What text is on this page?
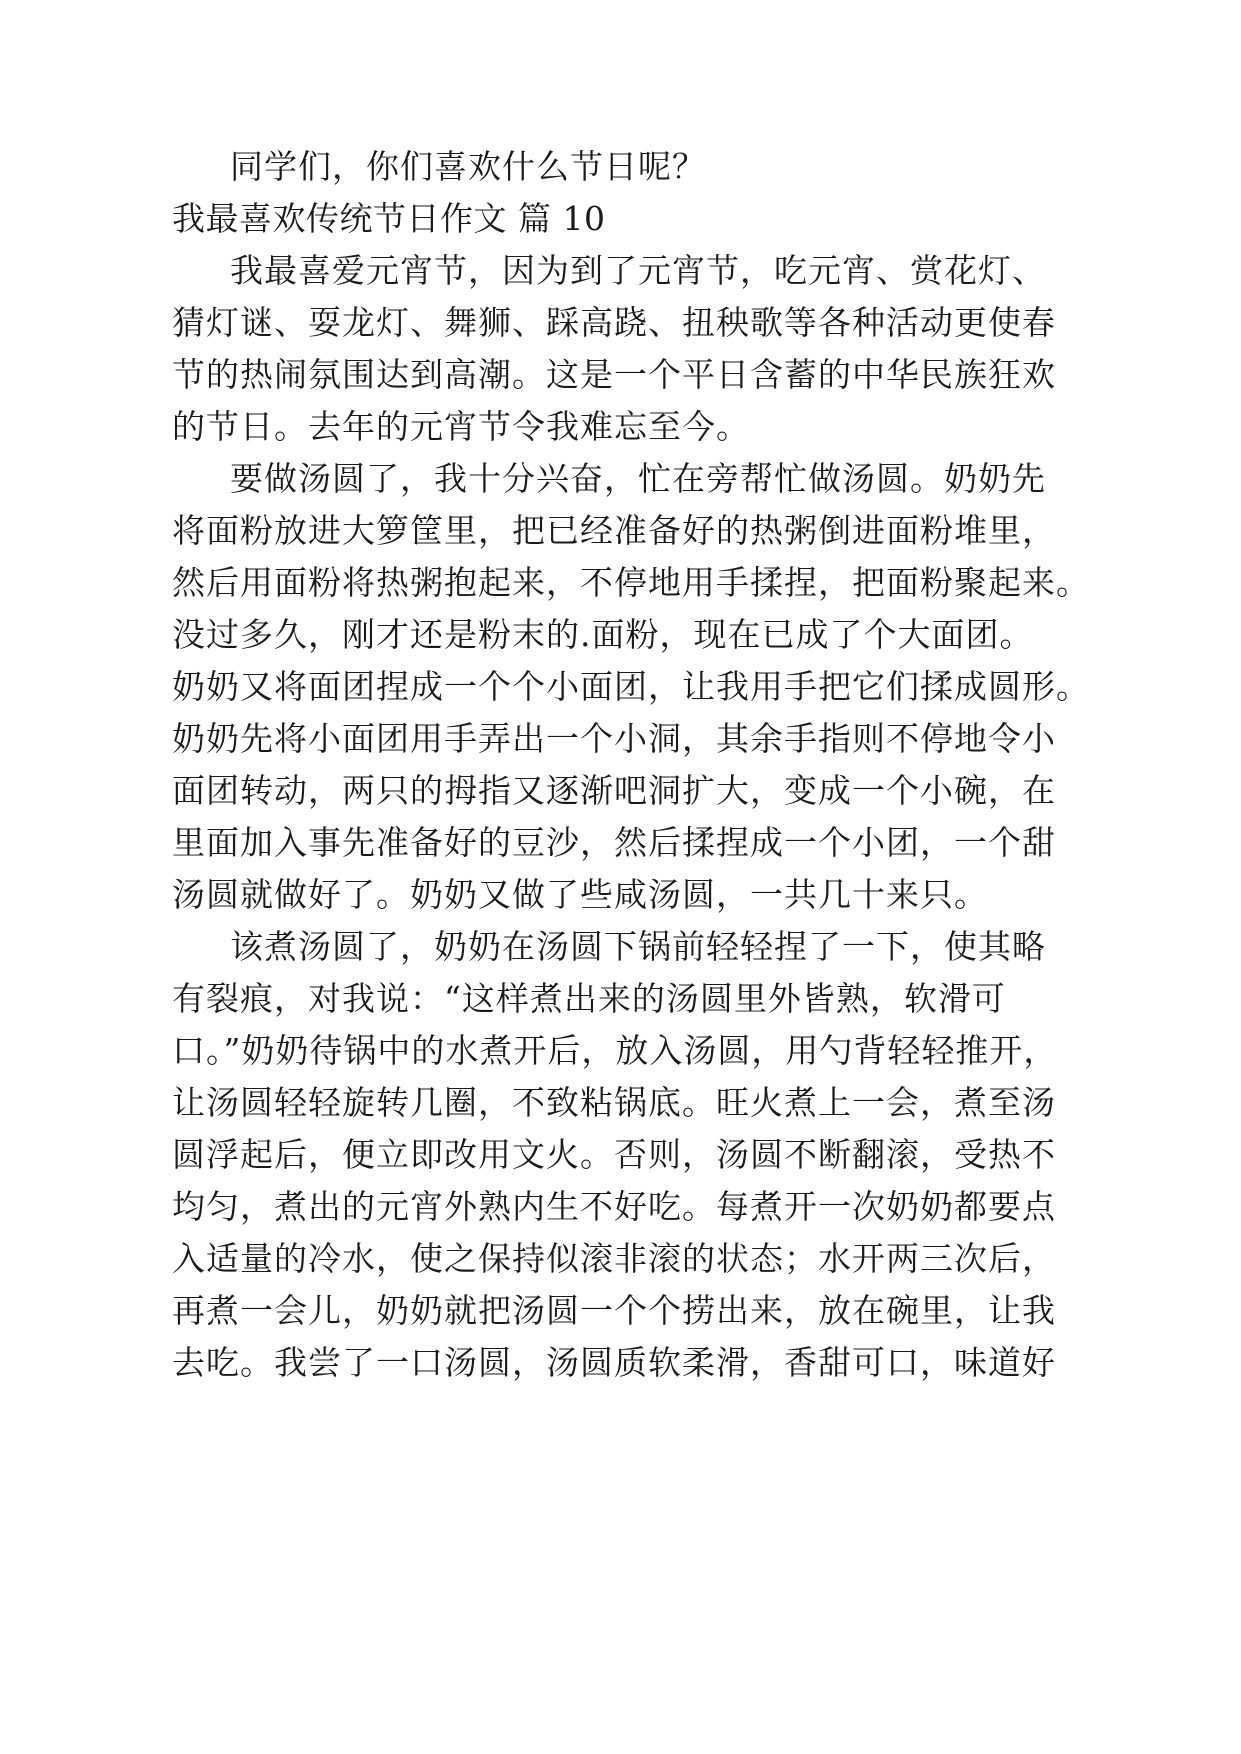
同学们，你们喜欢什么节日呢？
我最喜欢传统节日作文 篇 10
我最喜爱元宵节，因为到了元宵节，吃元宵、赏花灯、
猜灯谜、耍龙灯、舞狮、踩高跷、扭秧歌等各种活动更使春
节的热闹氛围达到高潮。这是一个平日含蓄的中华民族狂欢
的节日。去年的元宵节令我难忘至今。
要做汤圆了，我十分兴奋，忙在旁帮忙做汤圆。奶奶先
将面粉放进大箩筐里，把已经准备好的热粥倒进面粉堆里，
然后用面粉将热粥抱起来，不停地用手揉捏，把面粉聚起来。
没过多久，刚才还是粉末的.面粉，现在已成了个大面团。
奶奶又将面团捏成一个个小面团，让我用手把它们揉成圆形。
奶奶先将小面团用手弄出一个小洞，其余手指则不停地令小
面团转动，两只的拇指又逐渐吧洞扩大，变成一个小碗，在
里面加入事先准备好的豆沙，然后揉捏成一个小团，一个甜
汤圆就做好了。奶奶又做了些咸汤圆，一共几十来只。
该煮汤圆了，奶奶在汤圆下锅前轻轻捏了一下，使其略
有裂痕，对我说：“这样煮出来的汤圆里外皆熟，软滑可
口。”奶奶待锅中的水煮开后，放入汤圆，用勺背轻轻推开，
让汤圆轻轻旋转几圈，不致粘锅底。旺火煮上一会，煮至汤
圆浮起后，便立即改用文火。否则，汤圆不断翻滚，受热不
均匀，煮出的元宵外熟内生不好吃。每煮开一次奶奶都要点
入适量的冷水，使之保持似滚非滚的状态；水开两三次后，
再煮一会儿，奶奶就把汤圆一个个捞出来，放在碗里，让我
去吃。我尝了一口汤圆，汤圆质软柔滑，香甜可口，味道好
